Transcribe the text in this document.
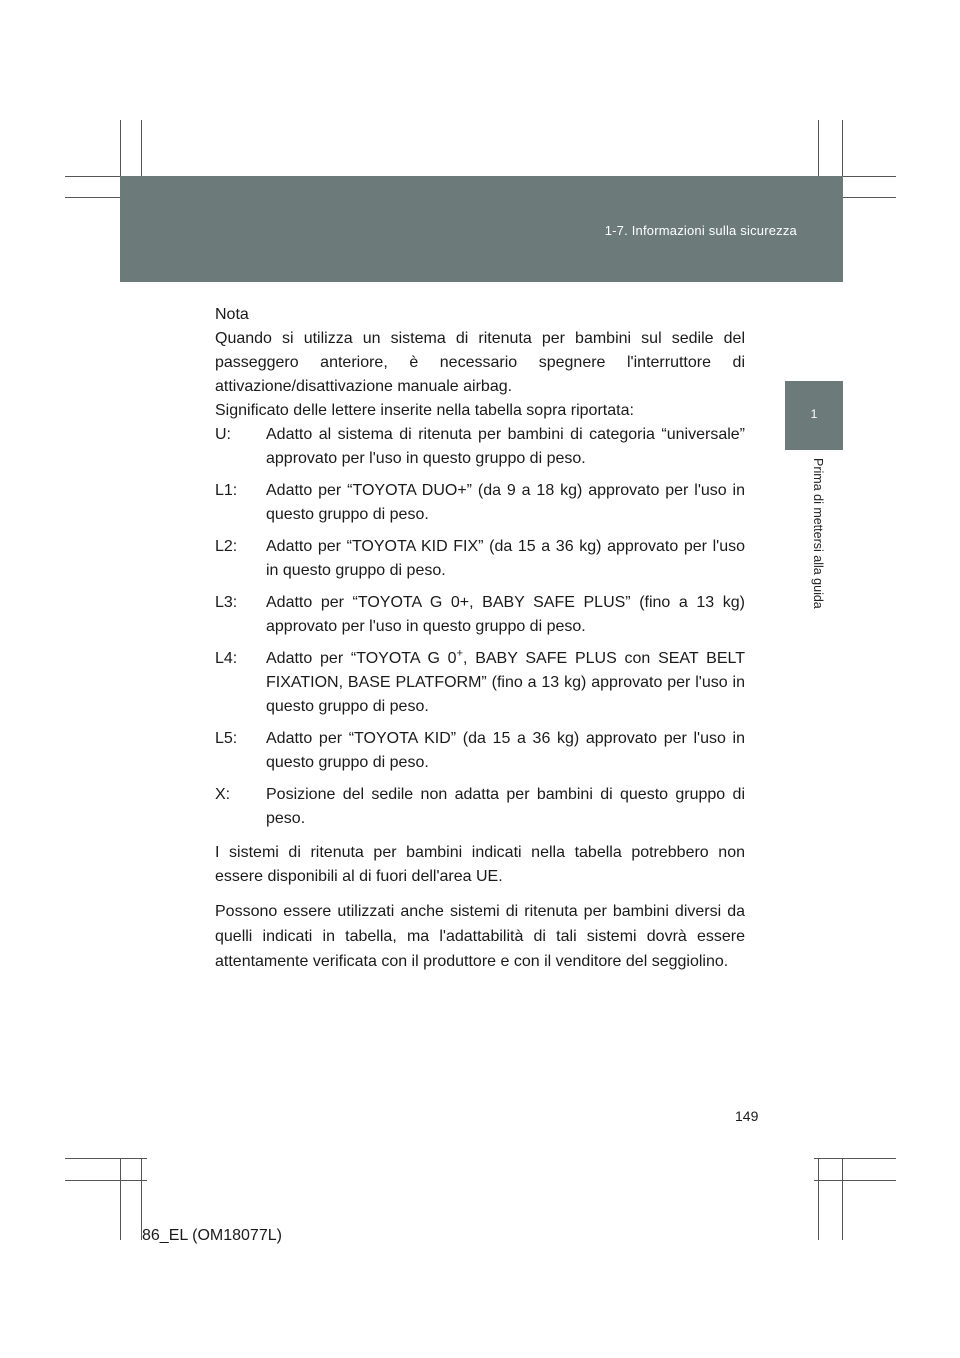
1-7. Informazioni sulla sicurezza
1
Prima di mettersi alla guida

Nota

Quando si utilizza un sistema di ritenuta per bambini sul sedile del passeggero anteriore, è necessario spegnere l'interruttore di attivazione/disattivazione manuale airbag.

Significato delle lettere inserite nella tabella sopra riportata:

U:	Adatto al sistema di ritenuta per bambini di categoria “universale” approvato per l'uso in questo gruppo di peso.
L1:	Adatto per “TOYOTA DUO+” (da 9 a 18 kg) approvato per l'uso in questo gruppo di peso.
L2:	Adatto per “TOYOTA KID FIX” (da 15 a 36 kg) approvato per l'uso in questo gruppo di peso.
L3:	Adatto per “TOYOTA G 0+, BABY SAFE PLUS” (fino a 13 kg) approvato per l'uso in questo gruppo di peso.
L4:	Adatto per “TOYOTA G 0+, BABY SAFE PLUS con SEAT BELT FIXATION, BASE PLATFORM” (fino a 13 kg) approvato per l'uso in questo gruppo di peso.
L5:	Adatto per “TOYOTA KID” (da 15 a 36 kg) approvato per l'uso in questo gruppo di peso.
X:	Posizione del sedile non adatta per bambini di questo gruppo di peso.

I sistemi di ritenuta per bambini indicati nella tabella potrebbero non essere disponibili al di fuori dell'area UE.

Possono essere utilizzati anche sistemi di ritenuta per bambini diversi da quelli indicati in tabella, ma l'adattabilità di tali sistemi dovrà essere attentamente verificata con il produttore e con il venditore del seggiolino.

149
86_EL (OM18077L)
